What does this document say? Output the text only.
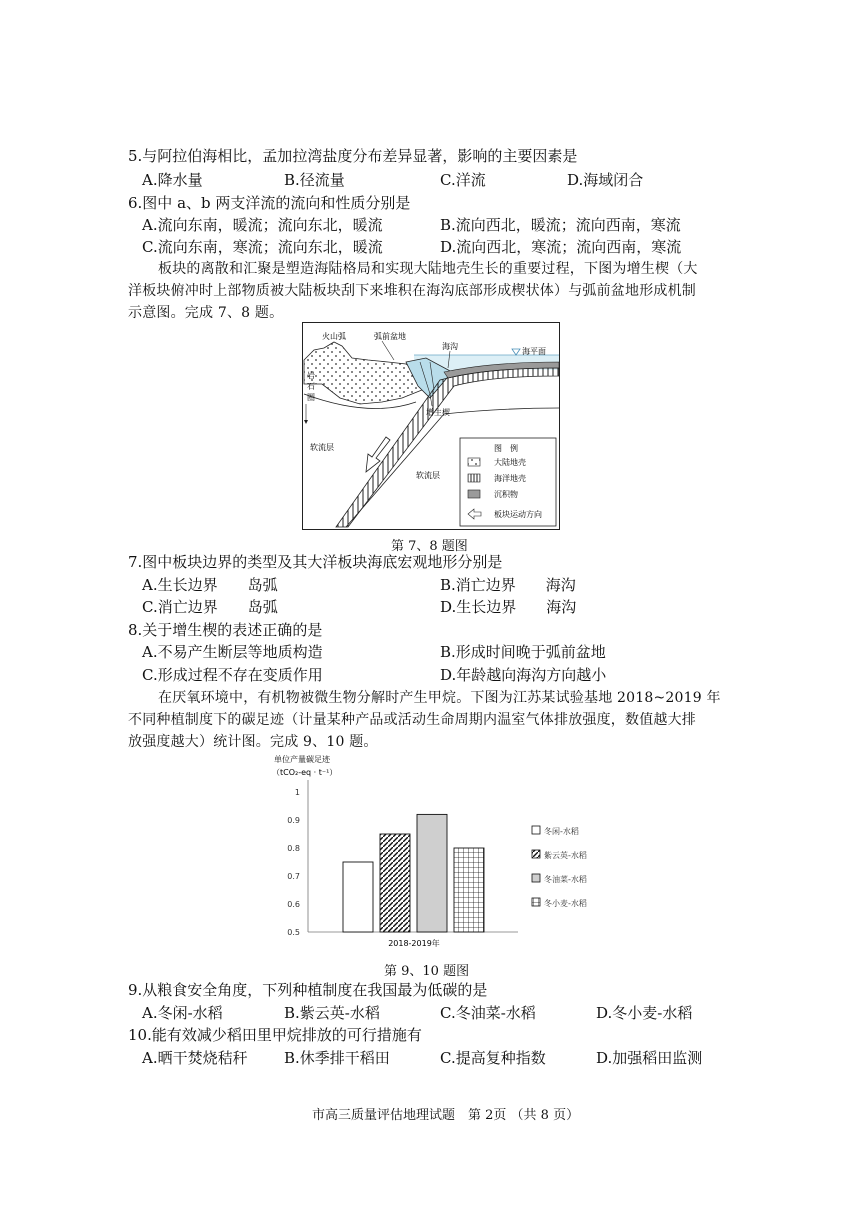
5.与阿拉伯海相比，孟加拉湾盐度分布差异显著，影响的主要因素是
A.降水量	B.径流量	C.洋流	D.海域闭合
6.图中 a、b 两支洋流的流向和性质分别是
A.流向东南，暖流；流向东北，暖流	B.流向西北，暖流；流向西南，寒流
C.流向东南，寒流；流向东北，暖流	D.流向西北，寒流；流向西南，寒流
板块的离散和汇聚是塑造海陆格局和实现大陆地壳生长的重要过程，下图为增生楔（大
洋板块俯冲时上部物质被大陆板块刮下来堆积在海沟底部形成楔状体）与弧前盆地形成机制
示意图。完成 7、8 题。
图　例
大陆地壳
海洋地壳
沉积物
板块运动方向
火山弧	弧前盆地
海沟
海平面
岩
石
圈
增生楔
软流层
软流层
第 7、8 题图
7.图中板块边界的类型及其大洋板块海底宏观地形分别是
A.生长边界　　岛弧	B.消亡边界　　海沟
C.消亡边界　　岛弧	D.生长边界　　海沟
8.关于增生楔的表述正确的是
A.不易产生断层等地质构造	B.形成时间晚于弧前盆地
C.形成过程不存在变质作用	D.年龄越向海沟方向越小
在厌氧环境中，有机物被微生物分解时产生甲烷。下图为江苏某试验基地 2018~2019 年
不同种植制度下的碳足迹（计量某种产品或活动生命周期内温室气体排放强度，数值越大排
放强度越大）统计图。完成 9、10 题。
单位产量碳足迹
（tCO₂-eq · t⁻¹）
0.5
0.6
0.7
0.8
0.9
1
2018-2019年
冬闲-水稻
紫云英-水稻
冬油菜-水稻
冬小麦-水稻
第 9、10 题图
9.从粮食安全角度，下列种植制度在我国最为低碳的是
A.冬闲-水稻	B.紫云英-水稻	C.冬油菜-水稻	D.冬小麦-水稻
10.能有效减少稻田里甲烷排放的可行措施有
A.晒干焚烧秸秆 B.休季排干稻田	C.提高复种指数	D.加强稻田监测
市高三质量评估地理试题　第 2页 （共 8 页）
